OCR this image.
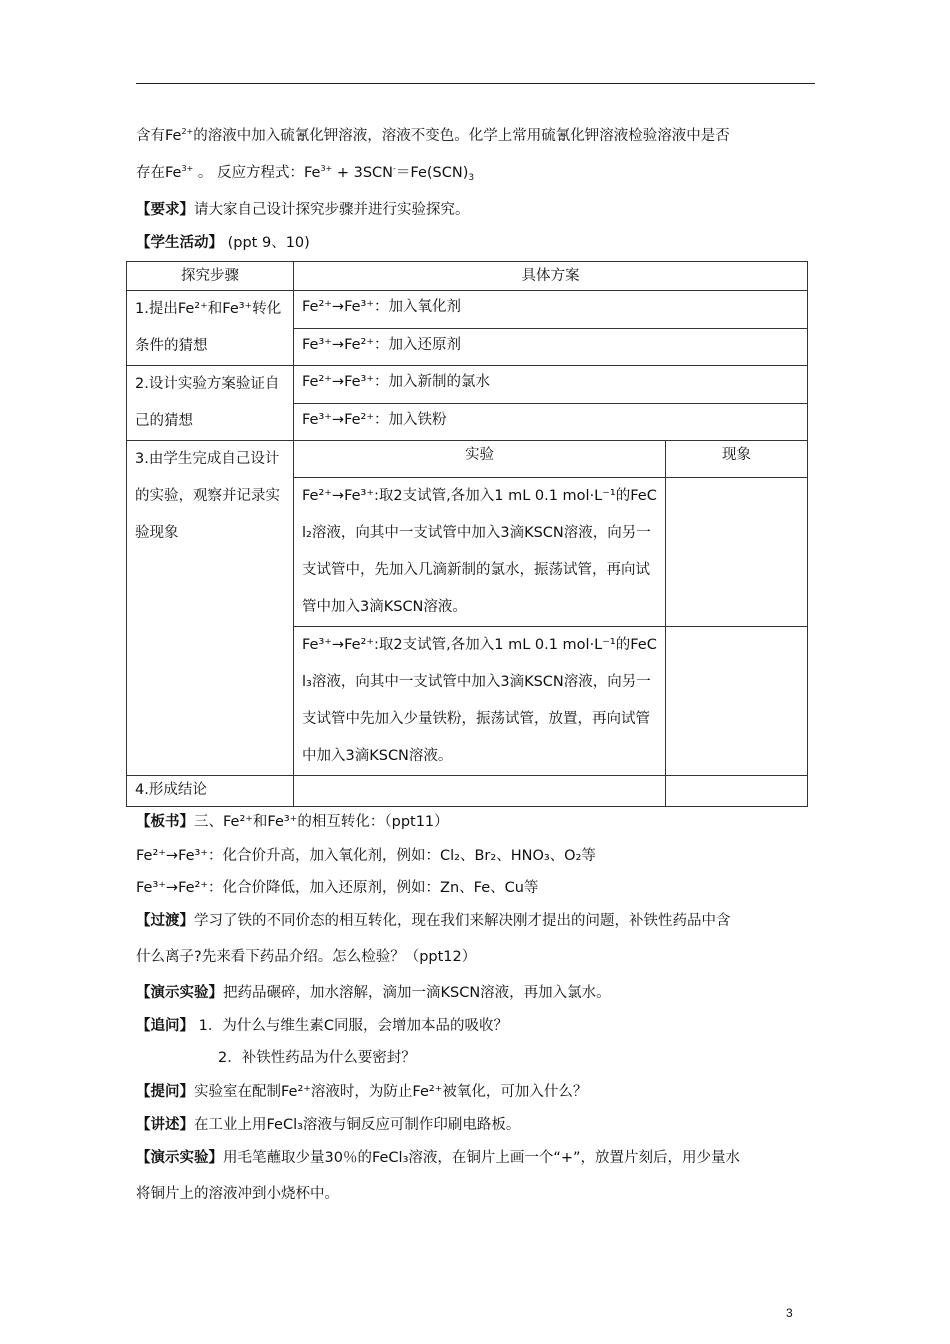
含有$Fe^{2+}$的溶液中加入硫氰化钾溶液，溶液不变色。化学上常用硫氰化钾溶液检验溶液中是否
存在$Fe^{3+}$ 。 反应方程式：$Fe^{3+} + 3SCN^-=Fe(SCN)_3$
【要求】请大家自己设计探究步骤并进行实验探究。
【学生活动】 (ppt 9、10)
探究步骤	具体方案	
1.提出Fe²⁺和Fe³⁺转化条件的猜想	Fe²⁺→Fe³⁺：加入氧化剂	
	Fe³⁺→Fe²⁺：加入还原剂	
2.设计实验方案验证自己的猜想	Fe²⁺→Fe³⁺：加入新制的氯水	
	Fe³⁺→Fe²⁺：加入铁粉	
3.由学生完成自己设计的实验，观察并记录实验现象	实验	现象
	Fe²⁺→Fe³⁺:取2支试管,各加入1 mL 0.1 mol·L⁻¹的FeCl₂溶液，向其中一支试管中加入3滴KSCN溶液，向另一支试管中，先加入几滴新制的氯水，振荡试管，再向试管中加入3滴KSCN溶液。	
	Fe³⁺→Fe²⁺:取2支试管,各加入1 mL 0.1 mol·L⁻¹的FeCl₃溶液，向其中一支试管中加入3滴KSCN溶液，向另一支试管中先加入少量铁粉，振荡试管，放置，再向试管中加入3滴KSCN溶液。	
4.形成结论		
【板书】三、Fe²⁺和Fe³⁺的相互转化：（ppt11）
Fe²⁺→Fe³⁺：化合价升高，加入氧化剂，例如：Cl₂、Br₂、HNO₃、O₂等
Fe³⁺→Fe²⁺：化合价降低，加入还原剂，例如：Zn、Fe、Cu等
【过渡】学习了铁的不同价态的相互转化，现在我们来解决刚才提出的问题，补铁性药品中含
什么离子?先来看下药品介绍。怎么检验？（ppt12）
【演示实验】把药品碾碎，加水溶解，滴加一滴KSCN溶液，再加入氯水。
【追问】 1．为什么与维生素C同服，会增加本品的吸收？
2．补铁性药品为什么要密封？
【提问】实验室在配制Fe²⁺溶液时，为防止Fe²⁺被氧化，可加入什么？
【讲述】在工业上用FeCl₃溶液与铜反应可制作印刷电路板。
【演示实验】用毛笔蘸取少量30％的FeCl₃溶液，在铜片上画一个“+”，放置片刻后，用少量水
将铜片上的溶液冲到小烧杯中。
3
